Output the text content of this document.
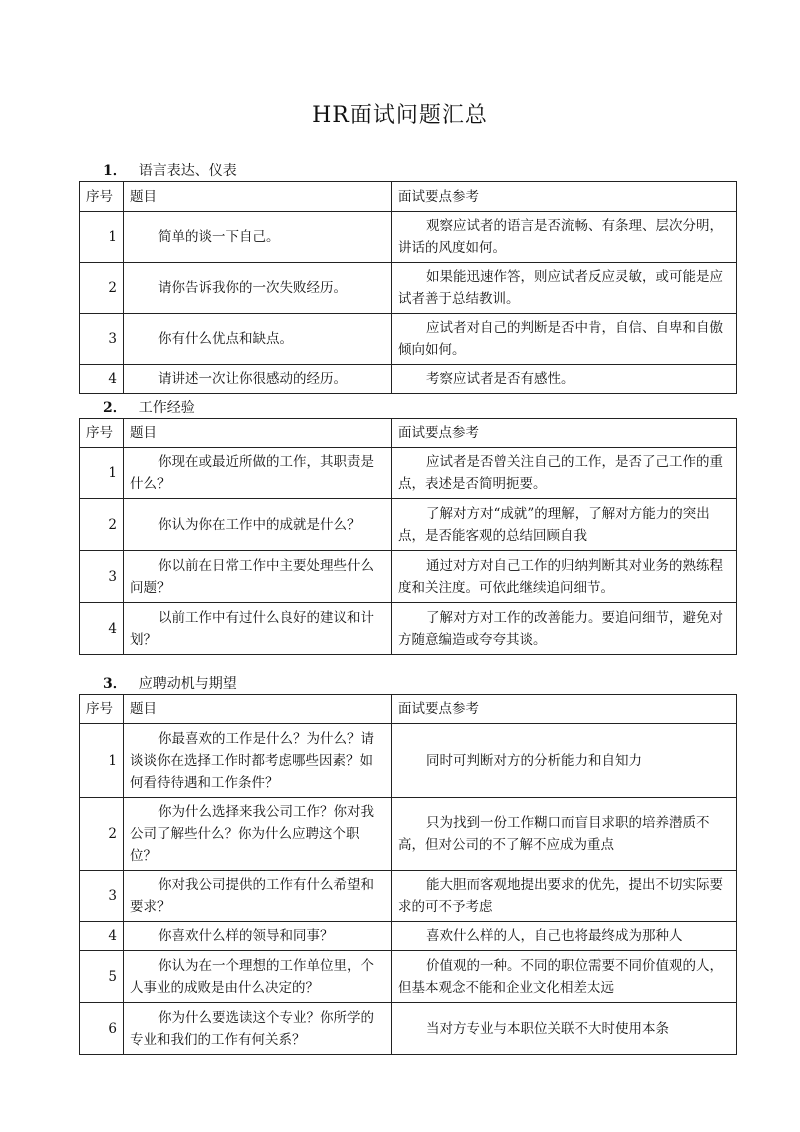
HR面试问题汇总
1． 语言表达、仪表
序号	题目	面试要点参考
1	简单的谈一下自己。	观察应试者的语言是否流畅、有条理、层次分明，讲话的风度如何。
2	请你告诉我你的一次失败经历。	如果能迅速作答，则应试者反应灵敏，或可能是应试者善于总结教训。
3	你有什么优点和缺点。	应试者对自己的判断是否中肯，自信、自卑和自傲倾向如何。
4	请讲述一次让你很感动的经历。	考察应试者是否有感性。
2． 工作经验
序号	题目	面试要点参考
1	你现在或最近所做的工作，其职责是什么？	应试者是否曾关注自己的工作，是否了己工作的重点，表述是否简明扼要。
2	你认为你在工作中的成就是什么？	了解对方对“成就”的理解，了解对方能力的突出点，是否能客观的总结回顾自我
3	你以前在日常工作中主要处理些什么问题？	通过对方对自己工作的归纳判断其对业务的熟练程度和关注度。可依此继续追问细节。
4	以前工作中有过什么良好的建议和计划？	了解对方对工作的改善能力。要追问细节，避免对方随意编造或夸夸其谈。
3． 应聘动机与期望
序号	题目	面试要点参考
1	你最喜欢的工作是什么？为什么？请谈谈你在选择工作时都考虑哪些因素？如何看待待遇和工作条件？	同时可判断对方的分析能力和自知力
2	你为什么选择来我公司工作？你对我公司了解些什么？你为什么应聘这个职位？	只为找到一份工作糊口而盲目求职的培养潜质不高，但对公司的不了解不应成为重点
3	你对我公司提供的工作有什么希望和要求？	能大胆而客观地提出要求的优先，提出不切实际要求的可不予考虑
4	你喜欢什么样的领导和同事？	喜欢什么样的人，自己也将最终成为那种人
5	你认为在一个理想的工作单位里，个人事业的成败是由什么决定的？	价值观的一种。不同的职位需要不同价值观的人，但基本观念不能和企业文化相差太远
6	你为什么要选读这个专业？你所学的专业和我们的工作有何关系？	当对方专业与本职位关联不大时使用本条
